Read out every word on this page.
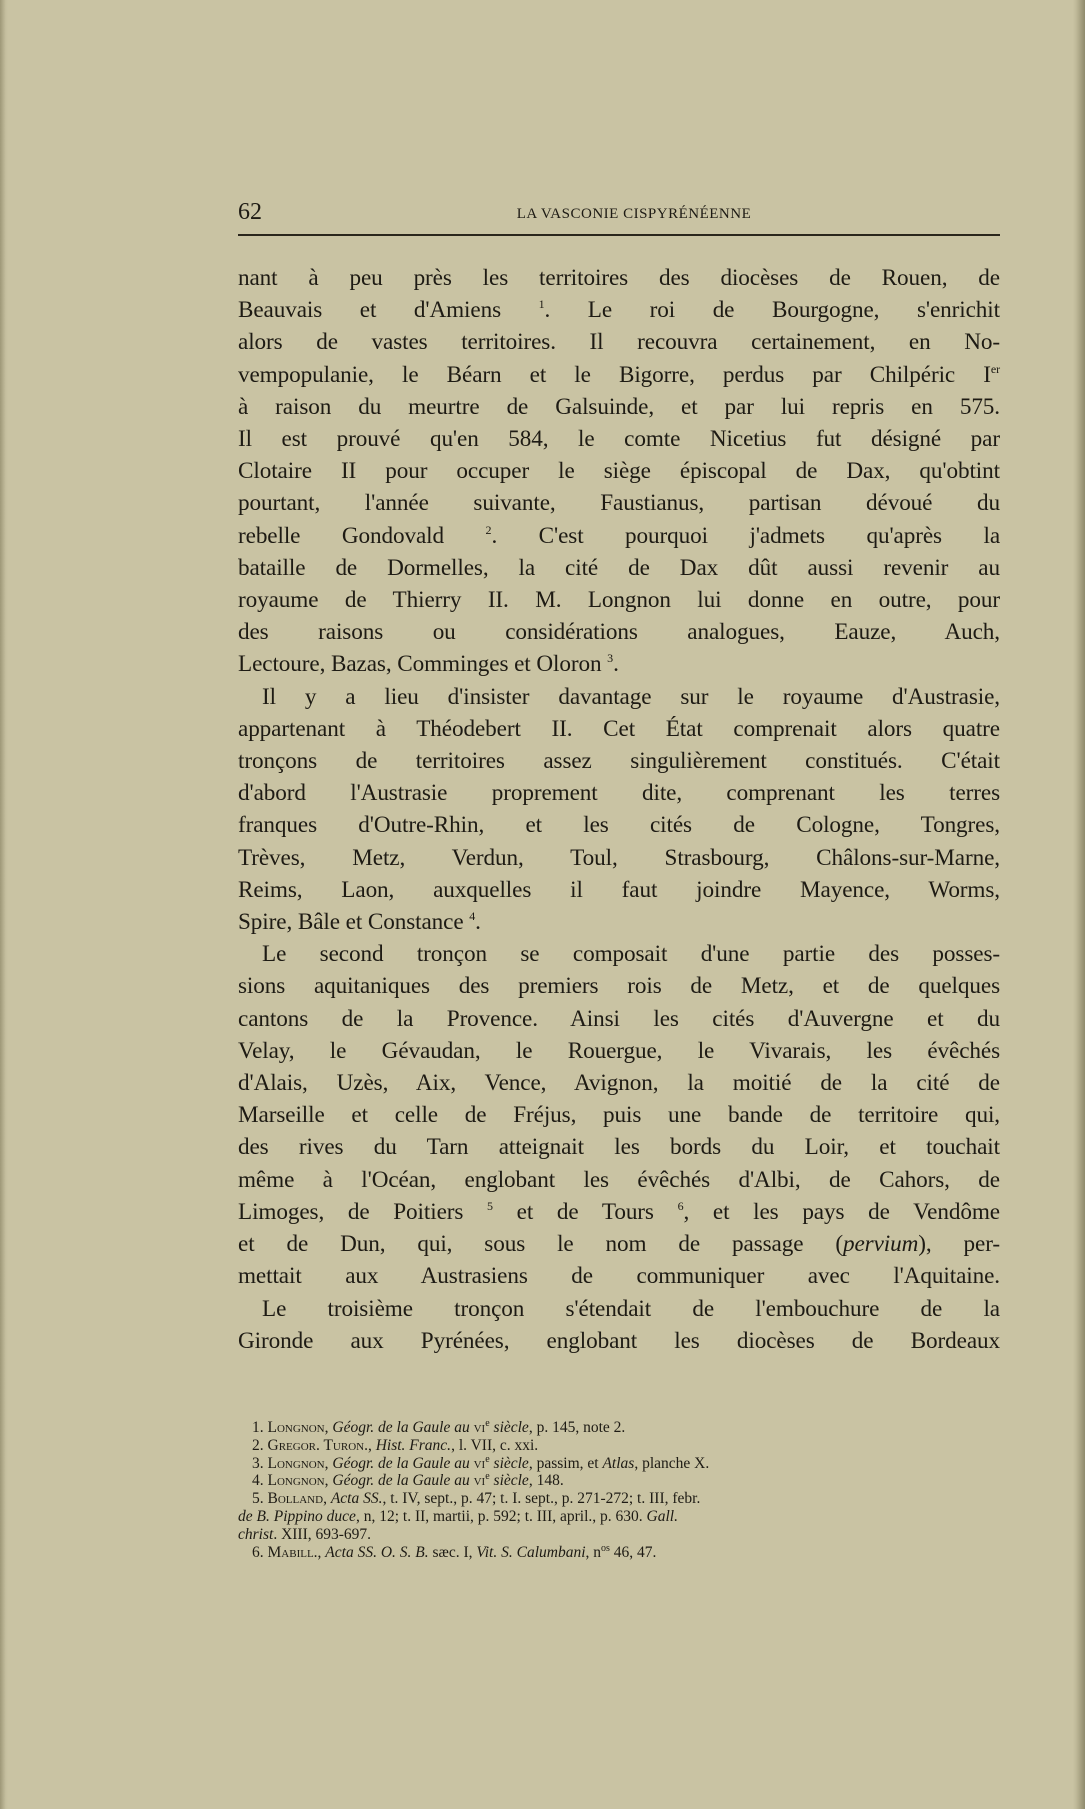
62	LA VASCONIE CISPYRÉNÉENNE
nant à peu près les territoires des diocèses de Rouen, de
Beauvais et d'Amiens	$^1$. Le roi de Bourgogne, s'enrichit
alors de vastes territoires. Il recouvra certainement, en No-
vempopulanie, le Béarn et le Bigorre, perdus par Chilpéric Ier
à raison du meurtre de Galsuinde, et par lui repris en 575.
Il est prouvé qu'en 584, le comte Nicetius fut désigné par
Clotaire II pour occuper le siège épiscopal de Dax, qu'obtint
pourtant, l'année suivante, Faustianus, partisan dévoué du
rebelle Gondovald	$^2$. C'est pourquoi j'admets qu'après la
bataille de Dormelles, la cité de Dax dût aussi revenir au
royaume de Thierry II. M. Longnon lui donne en outre, pour
des raisons ou considérations analogues, Eauze, Auch,
Lectoure, Bazas, Comminges et Oloron $^3$.
Il y a lieu d'insister davantage sur le royaume d'Austrasie,
appartenant à Théodebert II. Cet État comprenait alors quatre
tronçons de territoires assez singulièrement constitués. C'était
d'abord l'Austrasie proprement dite, comprenant les terres
franques d'Outre-Rhin, et les cités de Cologne, Tongres,
Trèves, Metz, Verdun, Toul, Strasbourg, Châlons-sur-Marne,
Reims, Laon, auxquelles il faut joindre Mayence, Worms,
Spire, Bâle et Constance $^4$.
Le second tronçon se composait d'une partie des posses-
sions aquitaniques des premiers rois de Metz, et de quelques
cantons de la Provence. Ainsi les cités d'Auvergne et du
Velay, le Gévaudan, le Rouergue, le Vivarais, les évêchés
d'Alais, Uzès, Aix, Vence, Avignon, la moitié de la cité de
Marseille et celle de Fréjus, puis une bande de territoire qui,
des rives du Tarn atteignait les bords du Loir, et touchait
même à l'Océan, englobant les évêchés d'Albi, de Cahors, de
Limoges, de Poitiers $^5$ et de Tours $^6$, et les pays de Vendôme
et de Dun, qui, sous le nom de passage (pervium), per-
mettait aux Austrasiens de communiquer avec l'Aquitaine.
Le troisième tronçon s'étendait de l'embouchure de la
Gironde aux Pyrénées, englobant les diocèses de Bordeaux
1. Longnon, Géogr. de la Gaule au $vi^e$ siècle, p. 145, note 2.
2. Gregor. Turon., Hist. Franc., l. VII, c. xxi.
3. Longnon, Géogr. de la Gaule au $vi^e$ siècle, passim, et Atlas, planche X.
4. Longnon, Géogr. de la Gaule au $vi^e$ siècle, 148.
5. Bolland, Acta SS., t. IV, sept., p. 47; t. I. sept., p. 271-272; t. III, febr.
de B. Pippino duce, n, 12; t. II, martii, p. 592; t. III, april., p. 630. Gall.
christ. XIII, 693-697.
6. Mabill., Acta SS. O. S. B. sæc. I, Vit. S. Calumbani, $n^{os}$ 46, 47.
